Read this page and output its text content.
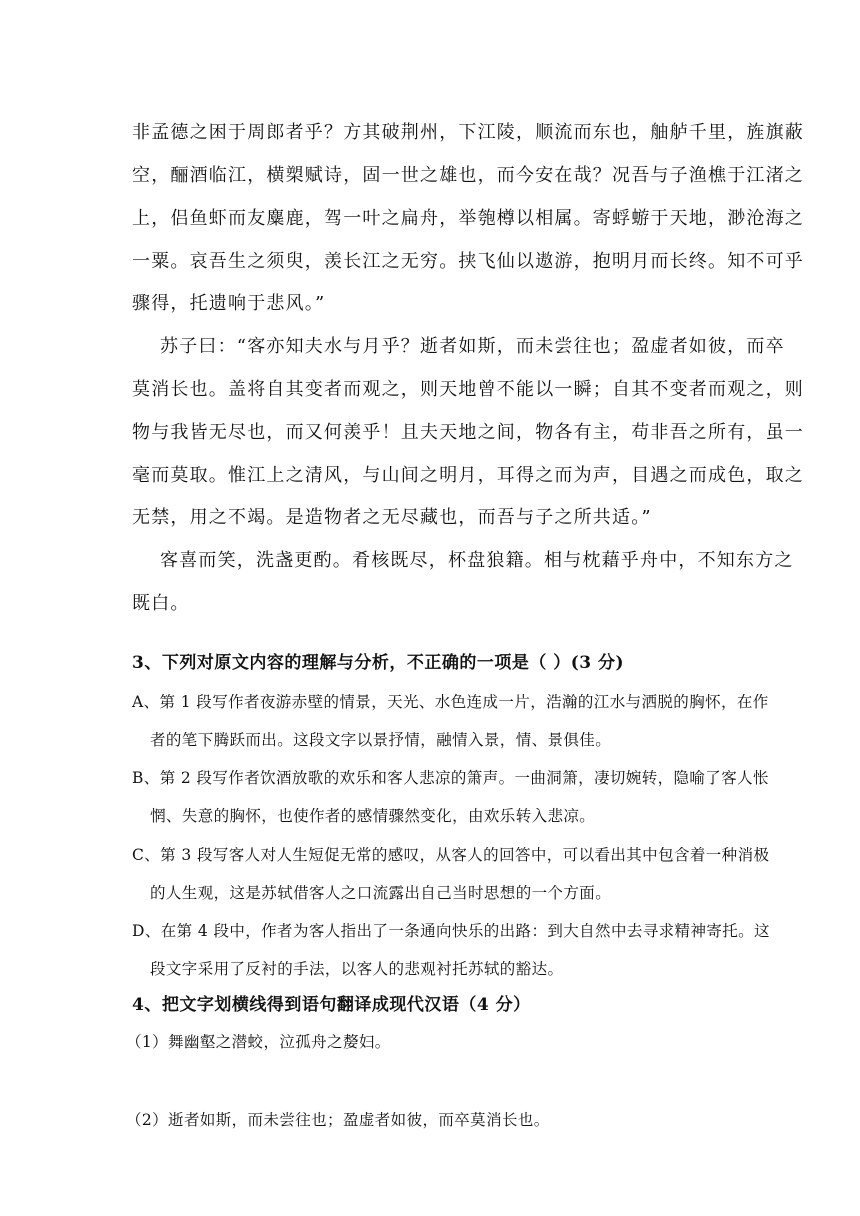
非孟德之困于周郎者乎？方其破荆州，下江陵，顺流而东也，舳舻千里，旌旗蔽
空，酾酒临江，横槊赋诗，固一世之雄也，而今安在哉？况吾与子渔樵于江渚之
上，侣鱼虾而友麋鹿，驾一叶之扁舟，举匏樽以相属。寄蜉蝣于天地，渺沧海之
一粟。哀吾生之须臾，羡长江之无穷。挟飞仙以遨游，抱明月而长终。知不可乎
骤得，托遗响于悲风。”
苏子曰：“客亦知夫水与月乎？逝者如斯，而未尝往也；盈虚者如彼，而卒
莫消长也。盖将自其变者而观之，则天地曾不能以一瞬；自其不变者而观之，则
物与我皆无尽也，而又何羡乎！且夫天地之间，物各有主，苟非吾之所有，虽一
毫而莫取。惟江上之清风，与山间之明月，耳得之而为声，目遇之而成色，取之
无禁，用之不竭。是造物者之无尽藏也，而吾与子之所共适。”
客喜而笑，洗盏更酌。肴核既尽，杯盘狼籍。相与枕藉乎舟中，不知东方之
既白。
3、下列对原文内容的理解与分析，不正确的一项是（ ）(3 分)
A、第 1 段写作者夜游赤壁的情景，天光、水色连成一片，浩瀚的江水与洒脱的胸怀，在作
者的笔下腾跃而出。这段文字以景抒情，融情入景，情、景俱佳。
B、第 2 段写作者饮酒放歌的欢乐和客人悲凉的箫声。一曲洞箫，凄切婉转，隐喻了客人怅
惘、失意的胸怀，也使作者的感情骤然变化，由欢乐转入悲凉。
C、第 3 段写客人对人生短促无常的感叹，从客人的回答中，可以看出其中包含着一种消极
的人生观，这是苏轼借客人之口流露出自己当时思想的一个方面。
D、在第 4 段中，作者为客人指出了一条通向快乐的出路：到大自然中去寻求精神寄托。这
段文字采用了反衬的手法，以客人的悲观衬托苏轼的豁达。
4、把文字划横线得到语句翻译成现代汉语（4 分）
（1）舞幽壑之潜蛟，泣孤舟之嫠妇。
（2）逝者如斯，而未尝往也；盈虚者如彼，而卒莫消长也。
